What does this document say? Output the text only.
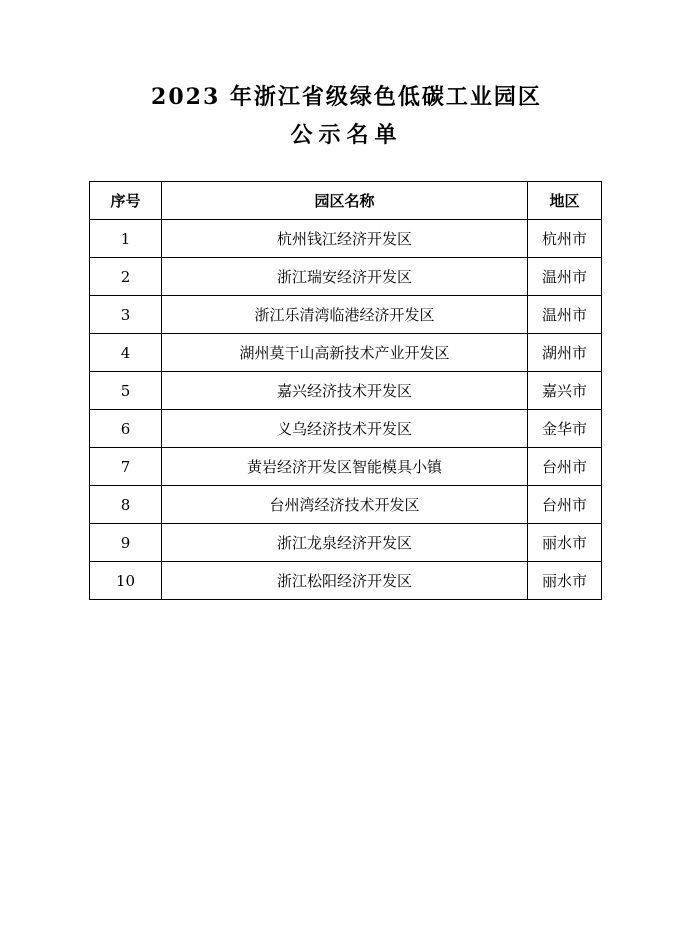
2023 年浙江省级绿色低碳工业园区
公示名单
序号	园区名称	地区
1	杭州钱江经济开发区	杭州市
2	浙江瑞安经济开发区	温州市
3	浙江乐清湾临港经济开发区	温州市
4	湖州莫干山高新技术产业开发区	湖州市
5	嘉兴经济技术开发区	嘉兴市
6	义乌经济技术开发区	金华市
7	黄岩经济开发区智能模具小镇	台州市
8	台州湾经济技术开发区	台州市
9	浙江龙泉经济开发区	丽水市
10	浙江松阳经济开发区	丽水市
